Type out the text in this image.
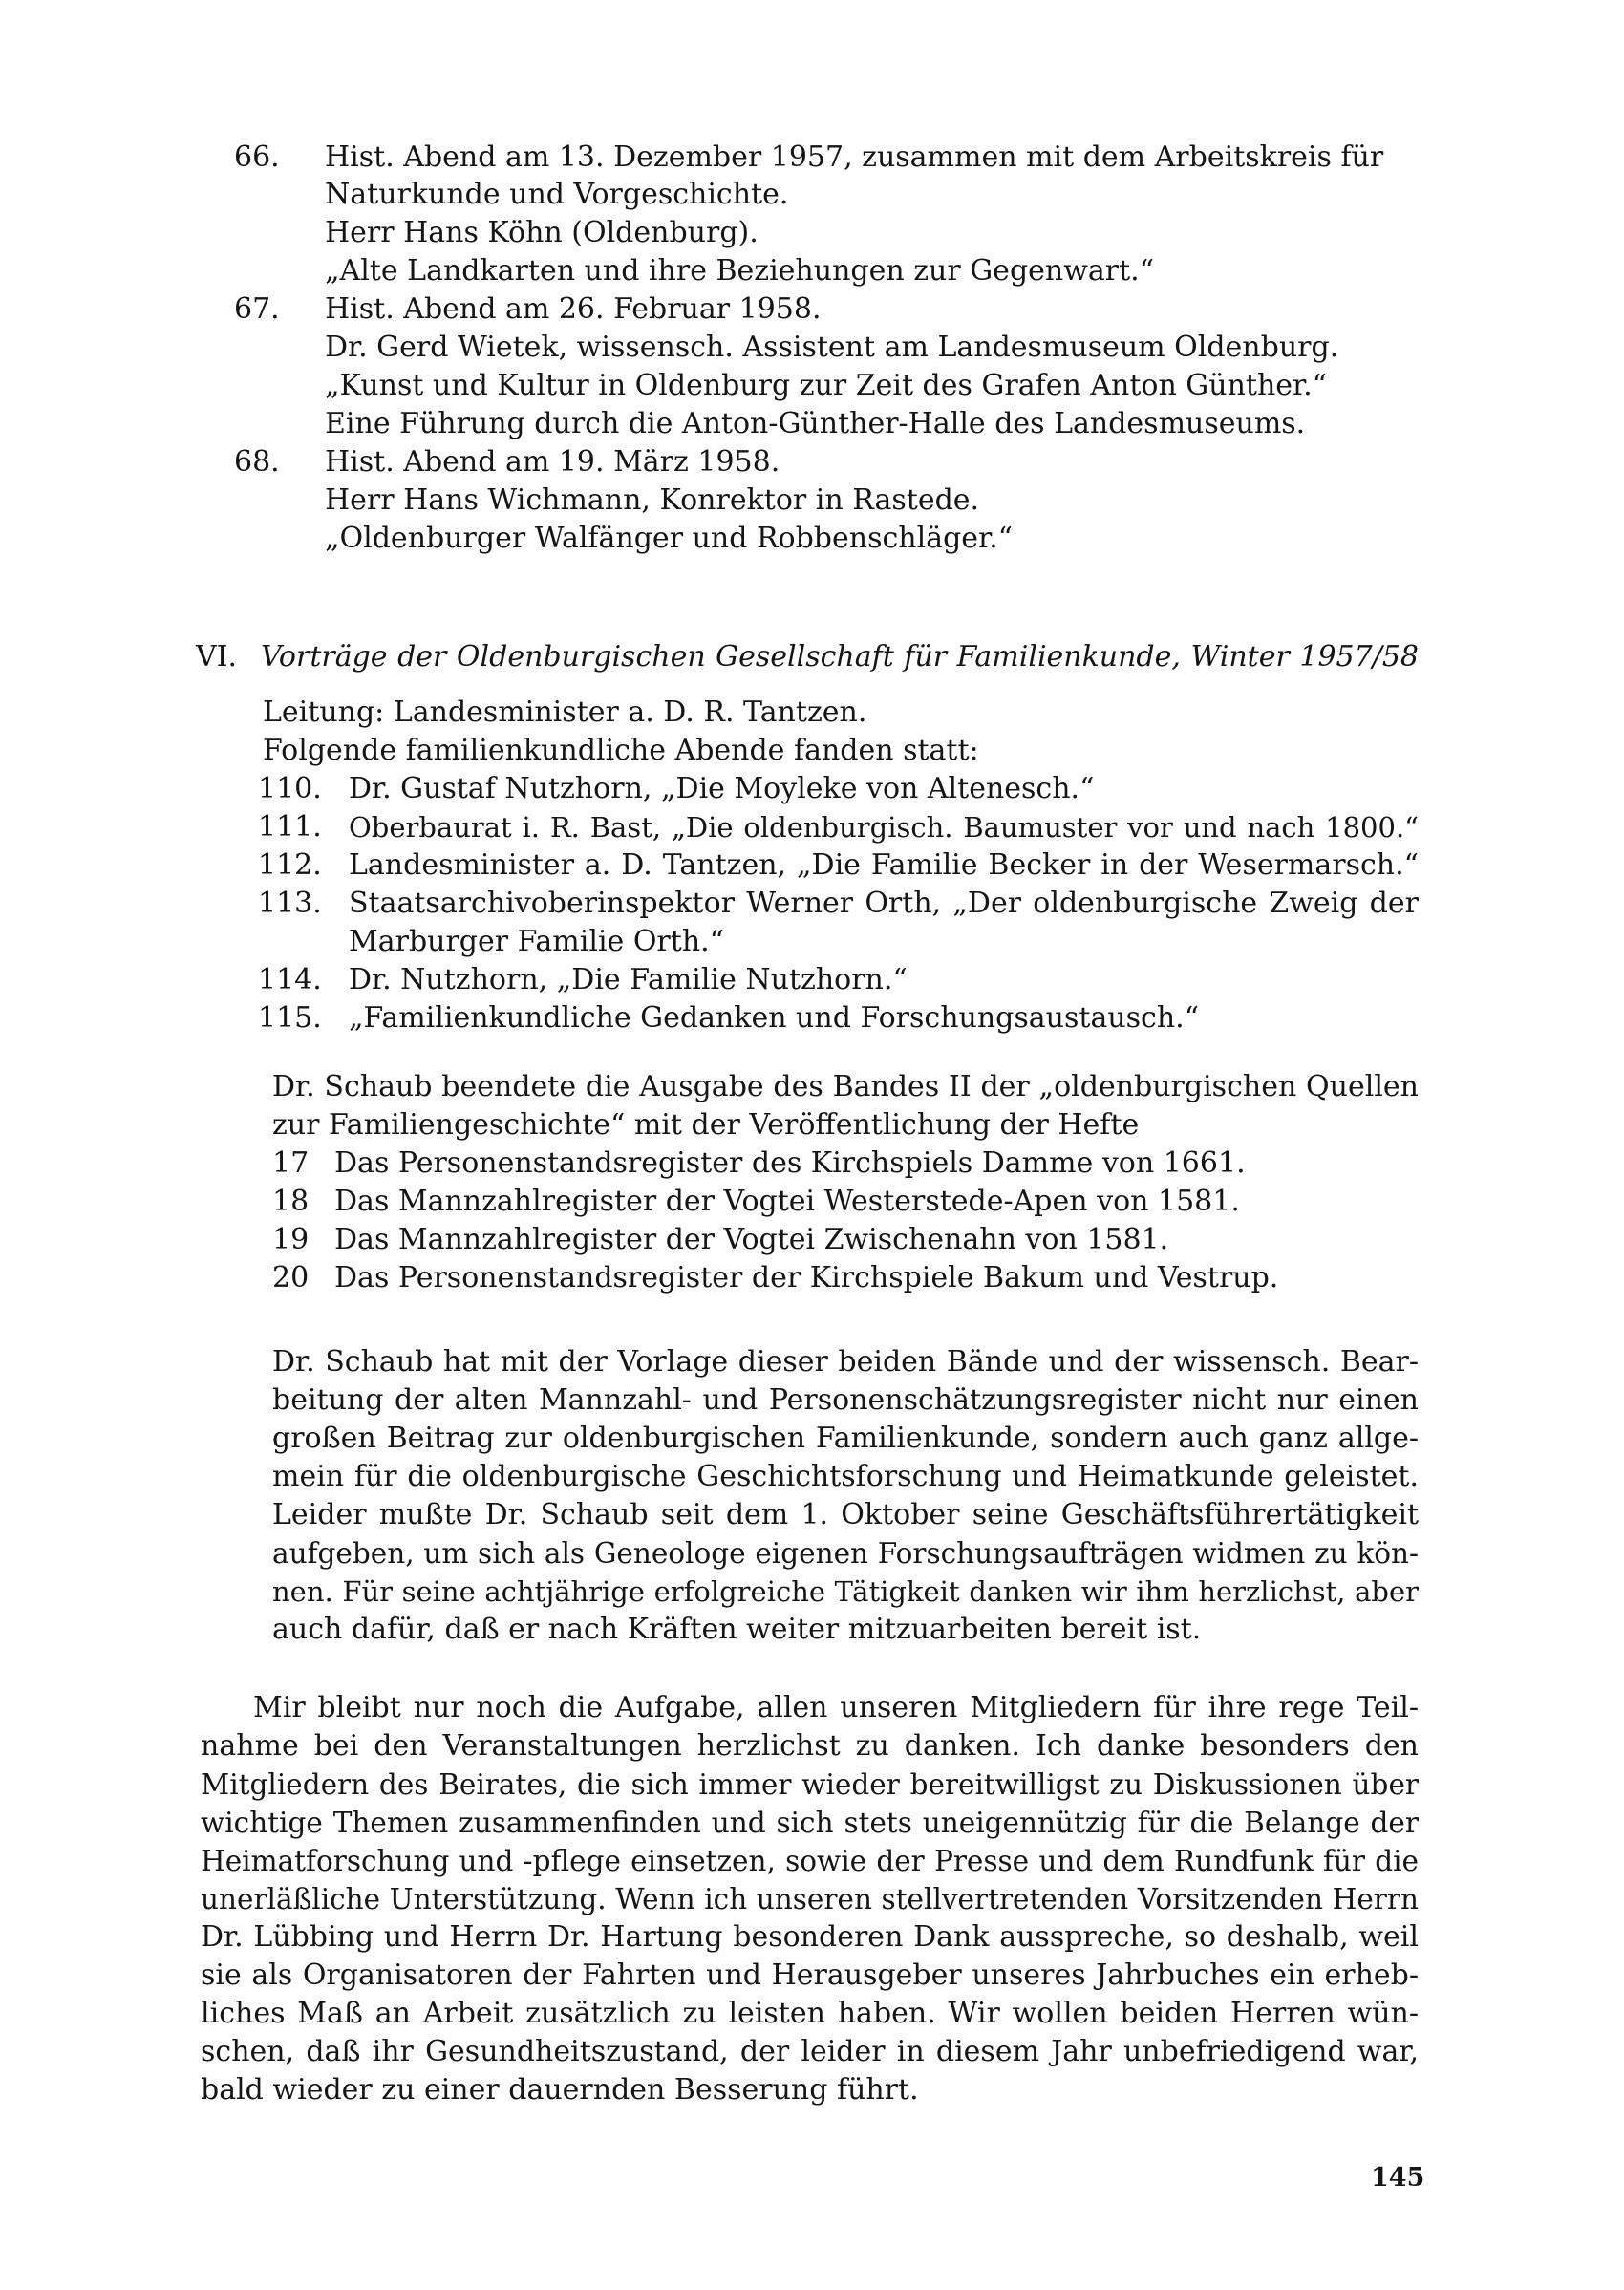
66. Hist. Abend am 13. Dezember 1957, zusammen mit dem Arbeitskreis für
Naturkunde und Vorgeschichte.
Herr Hans Köhn (Oldenburg).
„Alte Landkarten und ihre Beziehungen zur Gegenwart.“
67. Hist. Abend am 26. Februar 1958.
Dr. Gerd Wietek, wissensch. Assistent am Landesmuseum Oldenburg.
„Kunst und Kultur in Oldenburg zur Zeit des Grafen Anton Günther.“
Eine Führung durch die Anton-Günther-Halle des Landesmuseums.
68. Hist. Abend am 19. März 1958.
Herr Hans Wichmann, Konrektor in Rastede.
„Oldenburger Walfänger und Robbenschläger.“
VI. Vorträge der Oldenburgischen Gesellschaft für Familienkunde, Winter 1957/58
Leitung: Landesminister a. D. R. Tantzen.
Folgende familienkundliche Abende fanden statt:
110. Dr. Gustaf Nutzhorn, „Die Moyleke von Altenesch.“
111. Oberbaurat i. R. Bast, „Die oldenburgisch. Baumuster vor und nach 1800.“
112. Landesminister a. D. Tantzen, „Die Familie Becker in der Wesermarsch.“
113. Staatsarchivoberinspektor Werner Orth, „Der oldenburgische Zweig der
Marburger Familie Orth.“
114. Dr. Nutzhorn, „Die Familie Nutzhorn.“
115. „Familienkundliche Gedanken und Forschungsaustausch.“
Dr. Schaub beendete die Ausgabe des Bandes II der „oldenburgischen Quellen
zur Familiengeschichte“ mit der Veröffentlichung der Hefte
17 Das Personenstandsregister des Kirchspiels Damme von 1661.
18 Das Mannzahlregister der Vogtei Westerstede-Apen von 1581.
19 Das Mannzahlregister der Vogtei Zwischenahn von 1581.
20 Das Personenstandsregister der Kirchspiele Bakum und Vestrup.
Dr. Schaub hat mit der Vorlage dieser beiden Bände und der wissensch. Bear-
beitung der alten Mannzahl- und Personenschätzungsregister nicht nur einen
großen Beitrag zur oldenburgischen Familienkunde, sondern auch ganz allge-
mein für die oldenburgische Geschichtsforschung und Heimatkunde geleistet.
Leider mußte Dr. Schaub seit dem 1. Oktober seine Geschäftsführertätigkeit
aufgeben, um sich als Geneologe eigenen Forschungsaufträgen widmen zu kön-
nen. Für seine achtjährige erfolgreiche Tätigkeit danken wir ihm herzlichst, aber
auch dafür, daß er nach Kräften weiter mitzuarbeiten bereit ist.
Mir bleibt nur noch die Aufgabe, allen unseren Mitgliedern für ihre rege Teil-
nahme bei den Veranstaltungen herzlichst zu danken. Ich danke besonders den
Mitgliedern des Beirates, die sich immer wieder bereitwilligst zu Diskussionen über
wichtige Themen zusammenfinden und sich stets uneigennützig für die Belange der
Heimatforschung und -pflege einsetzen, sowie der Presse und dem Rundfunk für die
unerläßliche Unterstützung. Wenn ich unseren stellvertretenden Vorsitzenden Herrn
Dr. Lübbing und Herrn Dr. Hartung besonderen Dank ausspreche, so deshalb, weil
sie als Organisatoren der Fahrten und Herausgeber unseres Jahrbuches ein erheb-
liches Maß an Arbeit zusätzlich zu leisten haben. Wir wollen beiden Herren wün-
schen, daß ihr Gesundheitszustand, der leider in diesem Jahr unbefriedigend war,
bald wieder zu einer dauernden Besserung führt.
145
